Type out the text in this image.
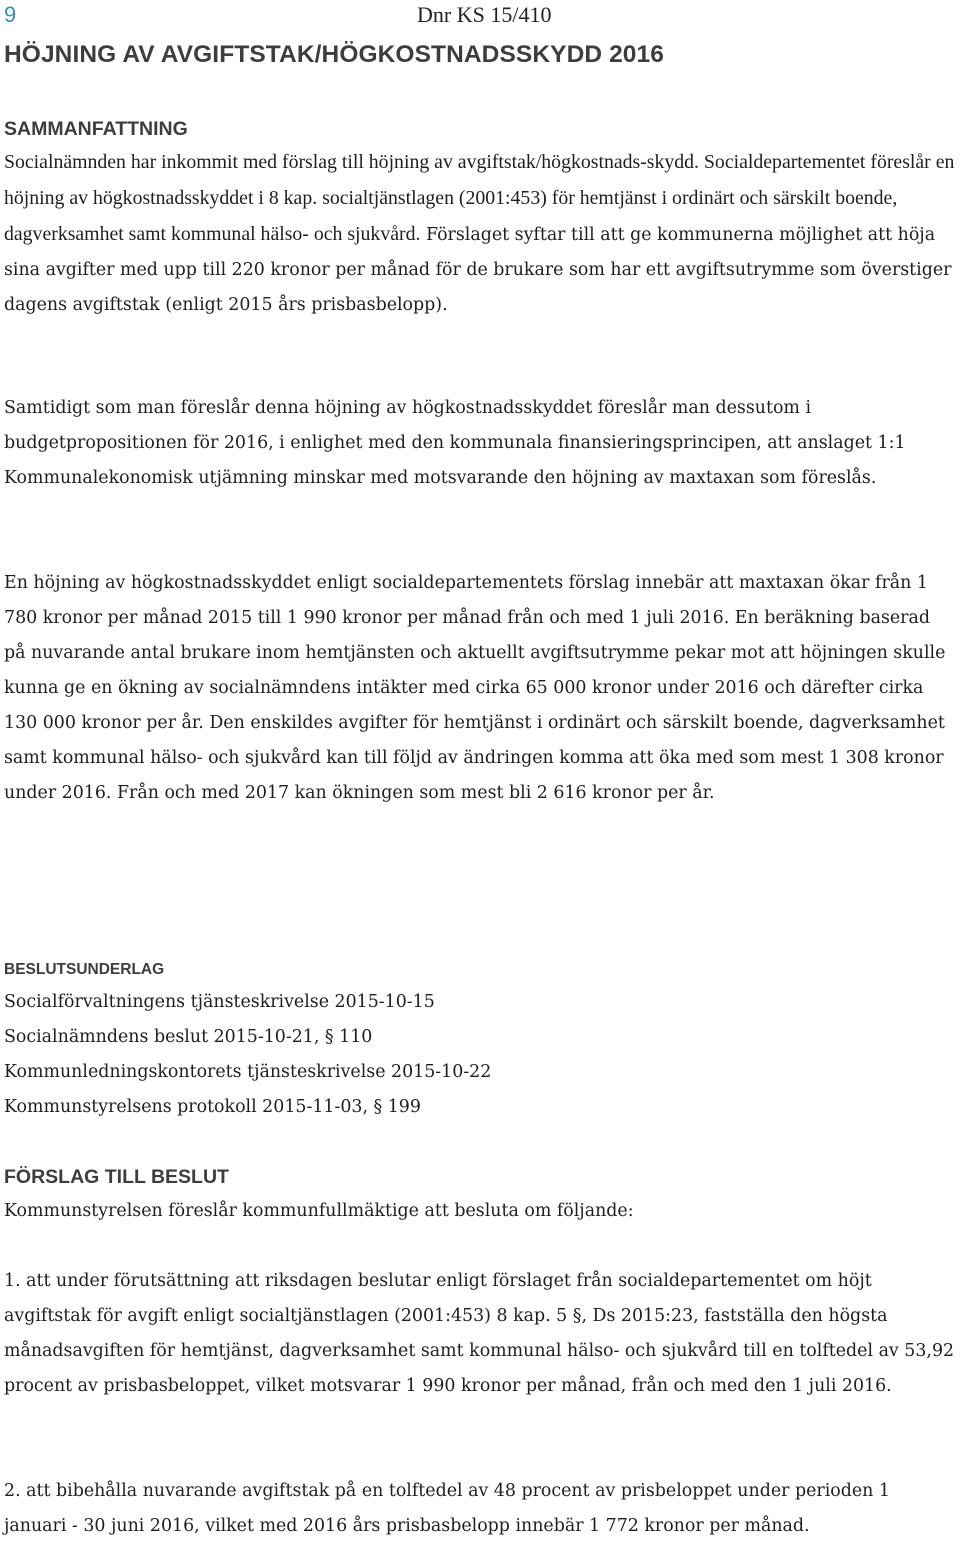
9	Dnr KS 15/410
HÖJNING AV AVGIFTSTAK/HÖGKOSTNADSSKYDD 2016
SAMMANFATTNING

Socialnämnden har inkommit med förslag till höjning av avgiftstak/högkostnads-skydd. Socialdepartementet föreslår en höjning av högkostnadsskyddet i 8 kap. socialtjänstlagen (2001:453) för hemtjänst i ordinärt och särskilt boende, dagverksamhet samt kommunal hälso- och sjukvård. Förslaget syftar till att ge kommunerna möjlighet att höja sina avgifter med upp till 220 kronor per månad för de brukare som har ett avgiftsutrymme som överstiger dagens avgiftstak (enligt 2015 års prisbasbelopp).

Samtidigt som man föreslår denna höjning av högkostnadsskyddet föreslår man dessutom i budgetpropositionen för 2016, i enlighet med den kommunala finansieringsprincipen, att anslaget 1:1 Kommunalekonomisk utjämning minskar med motsvarande den höjning av maxtaxan som föreslås.

En höjning av högkostnadsskyddet enligt socialdepartementets förslag innebär att maxtaxan ökar från 1 780 kronor per månad 2015 till 1 990 kronor per månad från och med 1 juli 2016. En beräkning baserad på nuvarande antal brukare inom hemtjänsten och aktuellt avgiftsutrymme pekar mot att höjningen skulle kunna ge en ökning av socialnämndens intäkter med cirka 65 000 kronor under 2016 och därefter cirka 130 000 kronor per år. Den enskildes avgifter för hemtjänst i ordinärt och särskilt boende, dagverksamhet samt kommunal hälso- och sjukvård kan till följd av ändringen komma att öka med som mest 1 308 kronor under 2016. Från och med 2017 kan ökningen som mest bli 2 616 kronor per år.

BESLUTSUNDERLAG
Socialförvaltningens tjänsteskrivelse 2015-10-15
Socialnämndens beslut 2015-10-21, § 110
Kommunledningskontorets tjänsteskrivelse 2015-10-22
Kommunstyrelsens protokoll 2015-11-03, § 199
FÖRSLAG TILL BESLUT

Kommunstyrelsen föreslår kommunfullmäktige att besluta om följande:

1. att under förutsättning att riksdagen beslutar enligt förslaget från socialdepartementet om höjt avgiftstak för avgift enligt socialtjänstlagen (2001:453) 8 kap. 5 §, Ds 2015:23, fastställa den högsta månadsavgiften för hemtjänst, dagverksamhet samt kommunal hälso- och sjukvård till en tolftedel av 53,92 procent av prisbasbeloppet, vilket motsvarar 1 990 kronor per månad, från och med den 1 juli 2016.

2. att bibehålla nuvarande avgiftstak på en tolftedel av 48 procent av prisbeloppet under perioden 1 januari - 30 juni 2016, vilket med 2016 års prisbasbelopp innebär 1 772 kronor per månad.
